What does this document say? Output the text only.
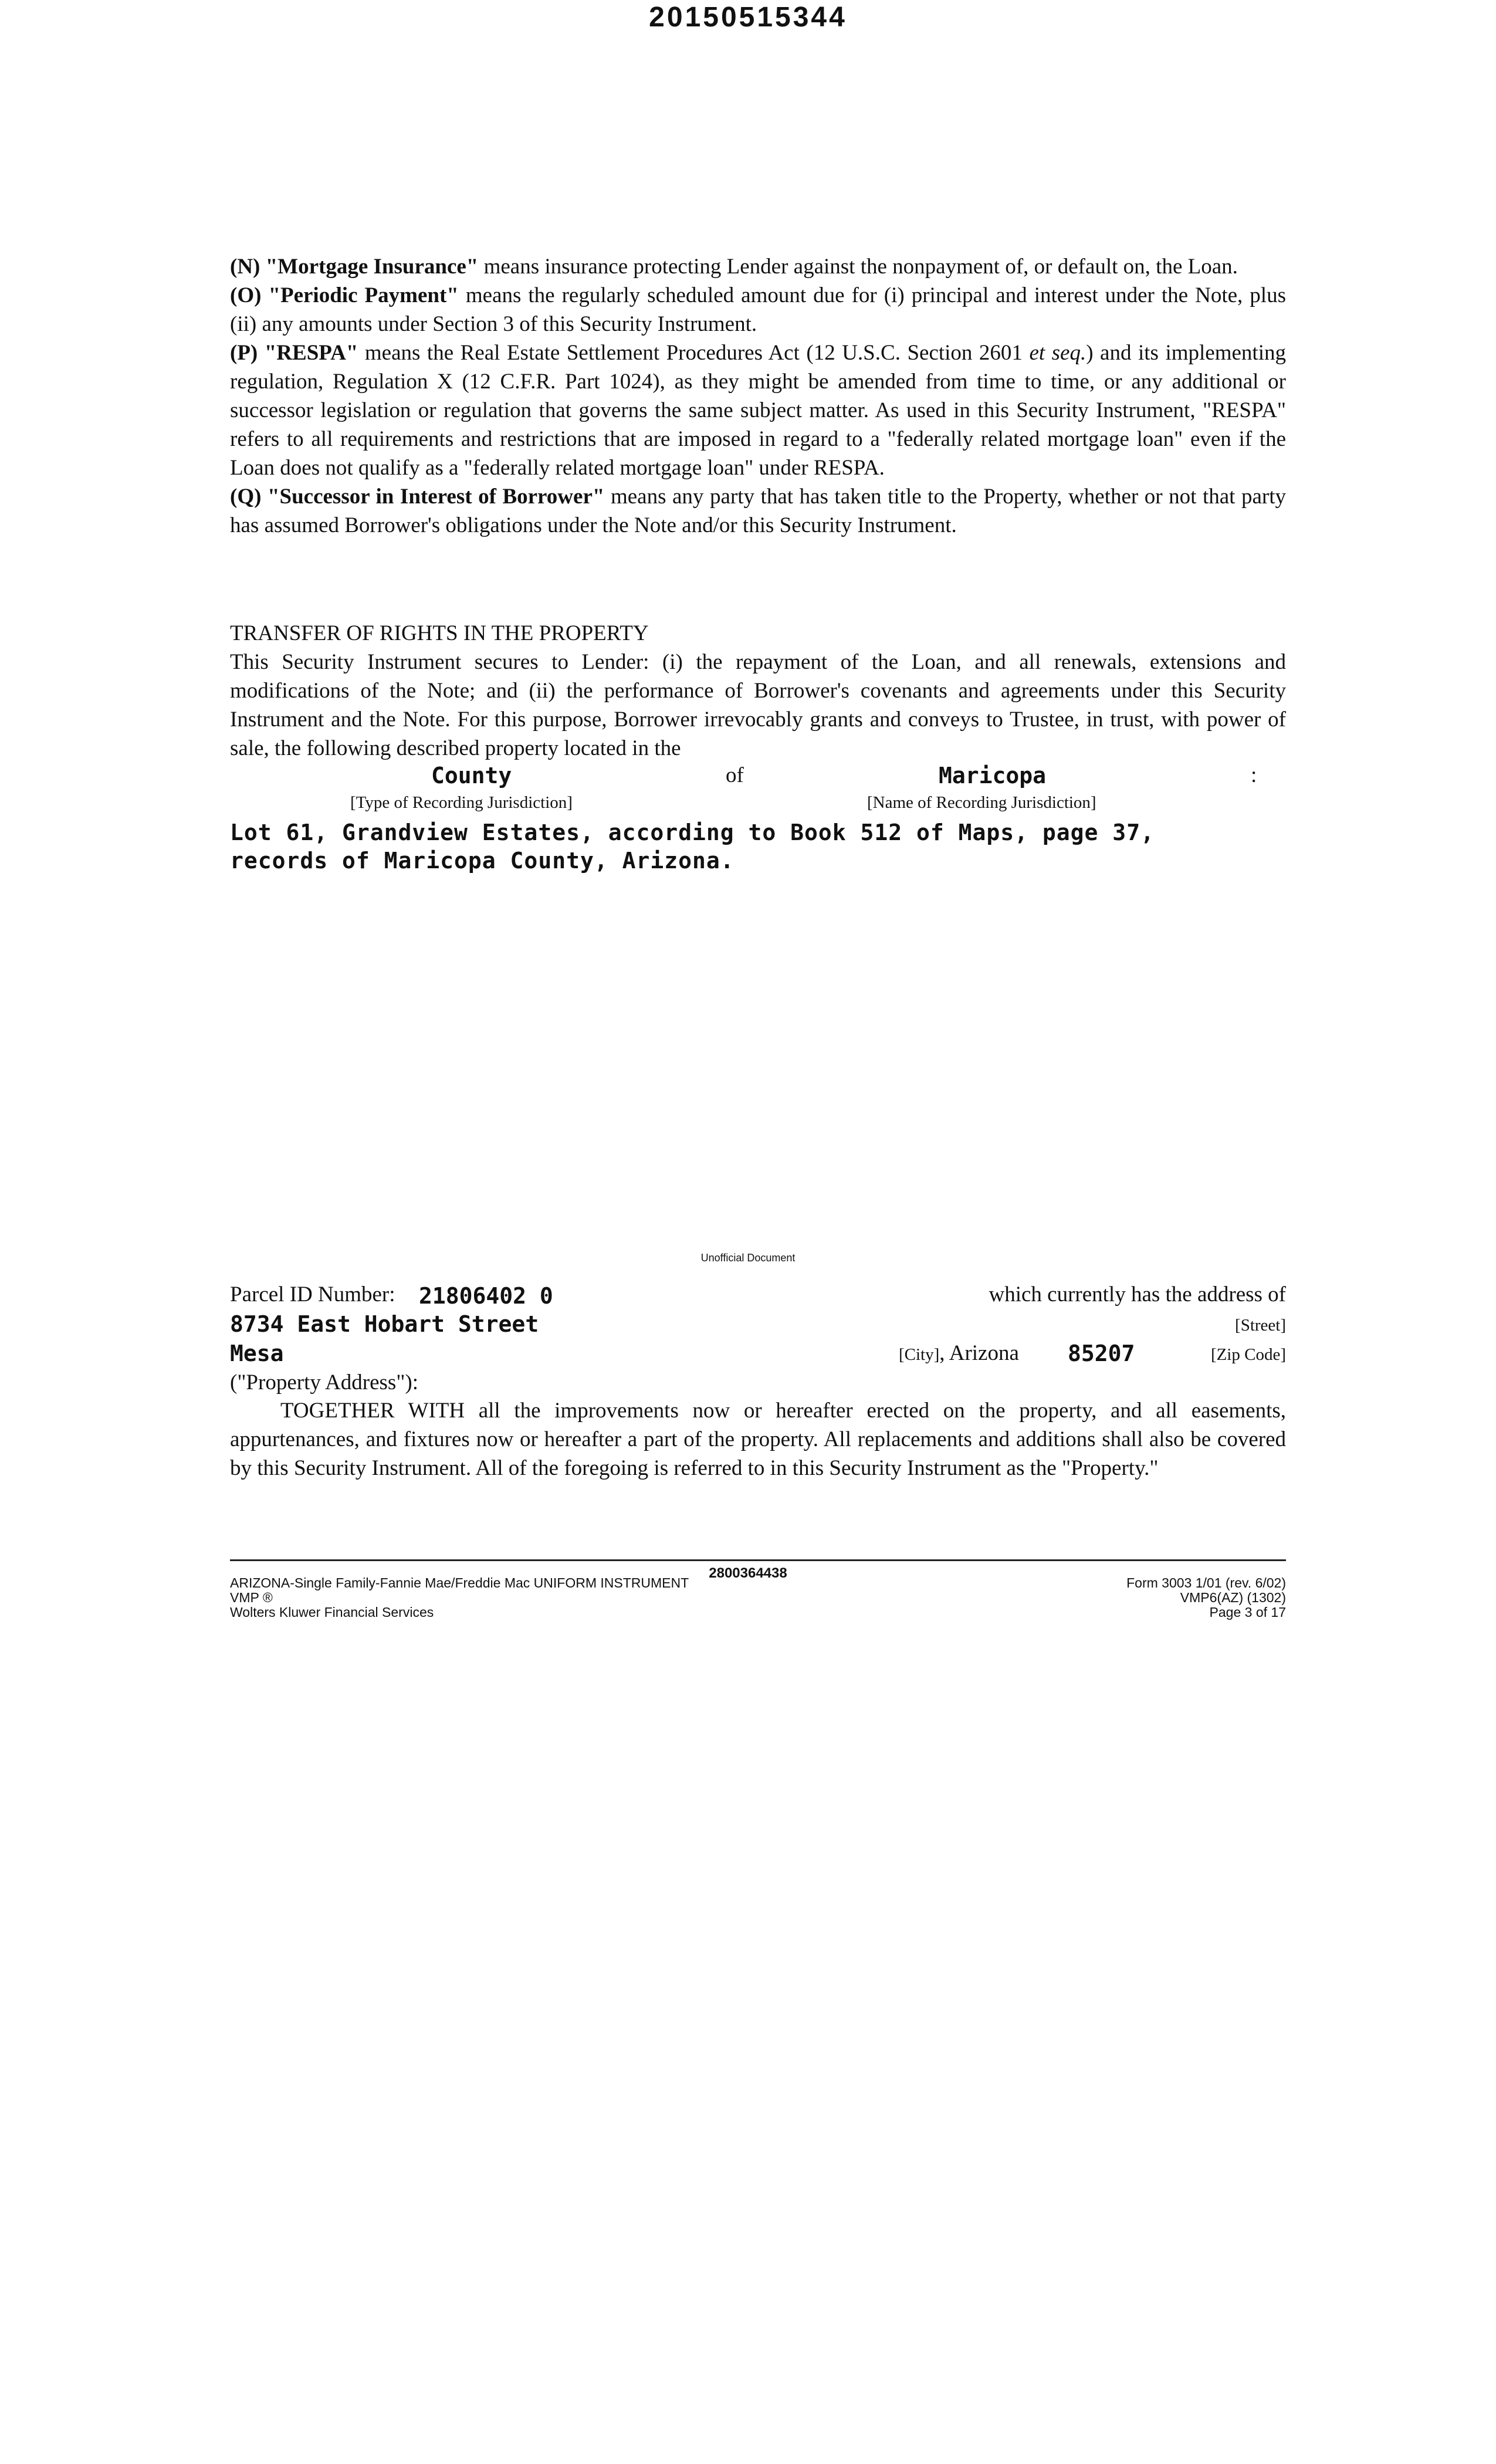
20150515344
(N) "Mortgage Insurance" means insurance protecting Lender against the nonpayment of, or default on, the Loan.
(O) "Periodic Payment" means the regularly scheduled amount due for (i) principal and interest under the Note, plus (ii) any amounts under Section 3 of this Security Instrument.
(P) "RESPA" means the Real Estate Settlement Procedures Act (12 U.S.C. Section 2601 et seq.) and its implementing regulation, Regulation X (12 C.F.R. Part 1024), as they might be amended from time to time, or any additional or successor legislation or regulation that governs the same subject matter. As used in this Security Instrument, "RESPA" refers to all requirements and restrictions that are imposed in regard to a "federally related mortgage loan" even if the Loan does not qualify as a "federally related mortgage loan" under RESPA.
(Q) "Successor in Interest of Borrower" means any party that has taken title to the Property, whether or not that party has assumed Borrower's obligations under the Note and/or this Security Instrument.
TRANSFER OF RIGHTS IN THE PROPERTY
This Security Instrument secures to Lender: (i) the repayment of the Loan, and all renewals, extensions and modifications of the Note; and (ii) the performance of Borrower's covenants and agreements under this Security Instrument and the Note. For this purpose, Borrower irrevocably grants and conveys to Trustee, in trust, with power of sale, the following described property located in the
County	of	Maricopa	:
[Type of Recording Jurisdiction]	[Name of Recording Jurisdiction]
Lot 61, Grandview Estates, according to Book 512 of Maps, page 37,
records of Maricopa County, Arizona.
Unofficial Document
Parcel ID Number: 21806402 0	which currently has the address of
8734 East Hobart Street	[Street]
Mesa	[City], Arizona 85207	[Zip Code]
("Property Address"):
TOGETHER WITH all the improvements now or hereafter erected on the property, and all easements, appurtenances, and fixtures now or hereafter a part of the property. All replacements and additions shall also be covered by this Security Instrument. All of the foregoing is referred to in this Security Instrument as the "Property."
2800364438
ARIZONA-Single Family-Fannie Mae/Freddie Mac UNIFORM INSTRUMENT
VMP ®
Wolters Kluwer Financial Services
Form 3003 1/01 (rev. 6/02)
VMP6(AZ) (1302)
Page 3 of 17
